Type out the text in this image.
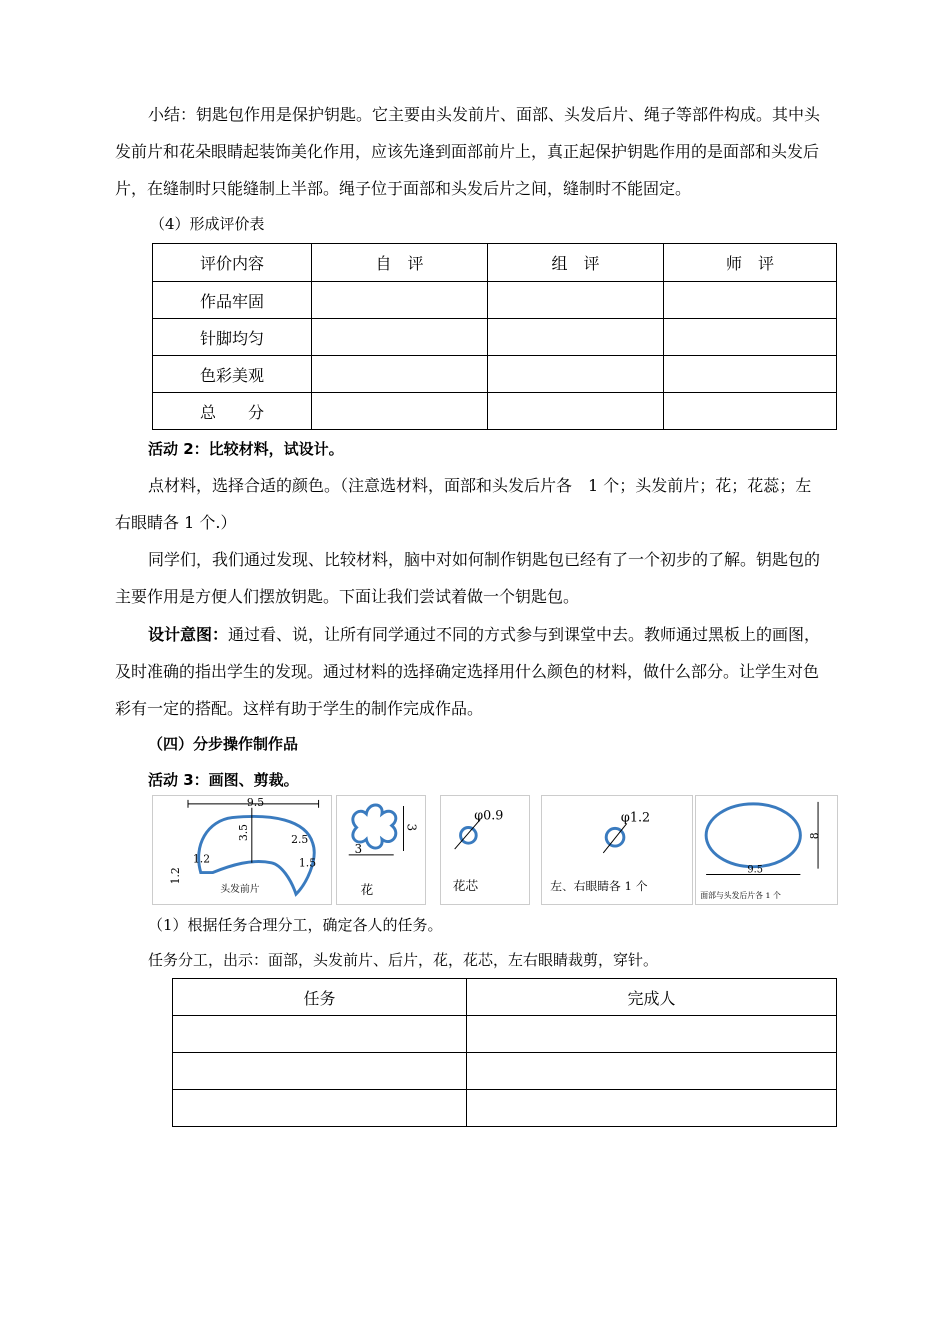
小结：钥匙包作用是保护钥匙。它主要由头发前片、面部、头发后片、绳子等部件构成。其中头发前片和花朵眼睛起装饰美化作用，应该先逢到面部前片上，真正起保护钥匙作用的是面部和头发后片，在缝制时只能缝制上半部。绳子位于面部和头发后片之间，缝制时不能固定。

（4）形成评价表

评价内容	自　评	组　评	师　评
作品牢固			
针脚均匀			
色彩美观			
总　　分			

活动 2：比较材料，试设计。

点材料，选择合适的颜色。（注意选材料，面部和头发后片各　1 个；头发前片；花；花蕊；左右眼睛各 1 个.）

同学们，我们通过发现、比较材料，脑中对如何制作钥匙包已经有了一个初步的了解。钥匙包的主要作用是方便人们摆放钥匙。下面让我们尝试着做一个钥匙包。

设计意图：通过看、说，让所有同学通过不同的方式参与到课堂中去。教师通过黑板上的画图，及时准确的指出学生的发现。通过材料的选择确定选择用什么颜色的材料，做什么部分。让学生对色彩有一定的搭配。这样有助于学生的制作完成作品。

（四）分步操作制作品

活动 3：画图、剪裁。

9.5
3.5	2.5
1.2	1.5
1.2
头发前片
3
3
花
φ0.9
花芯
φ1.2
左、右眼睛各 1 个
8
9.5
面部与头发后片各 1 个

（1）根据任务合理分工，确定各人的任务。

任务分工，出示：面部，头发前片、后片，花，花芯，左右眼睛裁剪，穿针。

任务	完成人
